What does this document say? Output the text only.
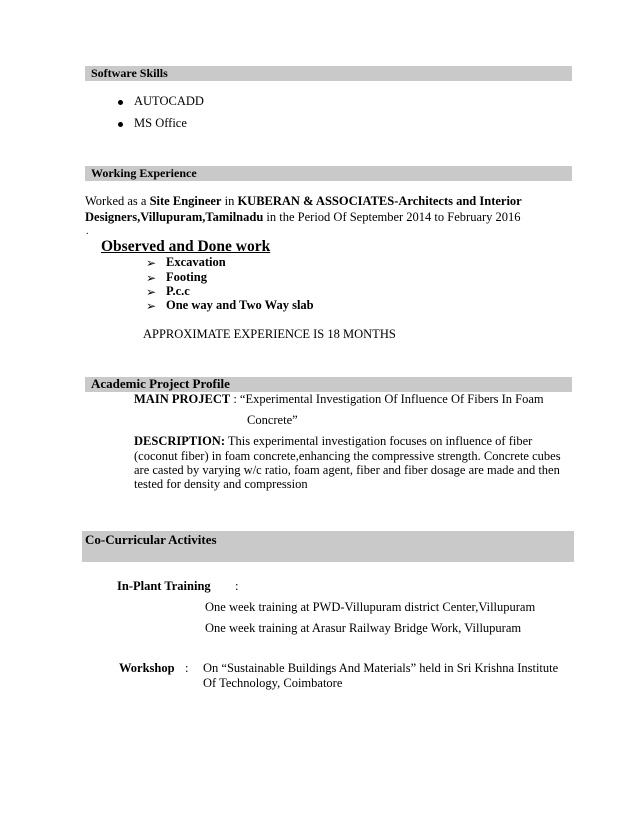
Software Skills
AUTOCADD
MS Office
Working Experience
Worked as a Site Engineer in KUBERAN & ASSOCIATES-Architects and Interior
Designers,Villupuram,Tamilnadu in the Period Of September 2014 to February 2016
.
Observed and Done work
➢ Excavation
➢ Footing
➢ P.c.c
➢ One way and Two Way slab
APPROXIMATE EXPERIENCE IS 18 MONTHS
Academic Project Profile
MAIN PROJECT : “Experimental Investigation Of Influence Of Fibers In Foam
Concrete”
DESCRIPTION: This experimental investigation focuses on influence of fiber
(coconut fiber) in foam concrete,enhancing the compressive strength. Concrete cubes
are casted by varying w/c ratio, foam agent, fiber and fiber dosage are made and then
tested for density and compression
Co-Curricular Activites
In-Plant Training :
One week training at PWD-Villupuram district Center,Villupuram
One week training at Arasur Railway Bridge Work, Villupuram
Workshop : On “Sustainable Buildings And Materials” held in Sri Krishna Institute
Of Technology, Coimbatore
